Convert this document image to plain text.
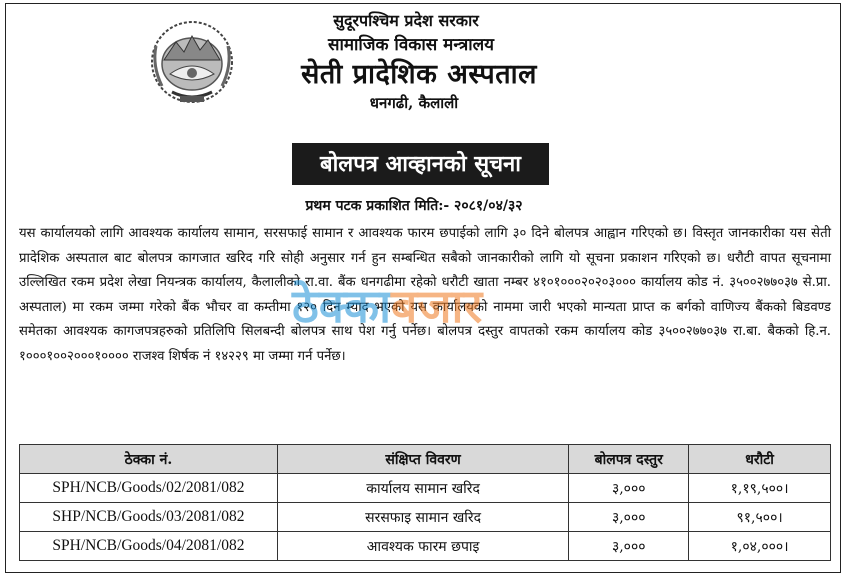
सुदूरपश्चिम प्रदेश सरकार
सामाजिक विकास मन्त्रालय
सेती प्रादेशिक अस्पताल
धनगढी, कैलाली
बोलपत्र आव्हानको सूचना
प्रथम पटक प्रकाशित मिति:- २०८१/०४/३२
यस कार्यालयको लागि आवश्यक कार्यालय सामान, सरसफाई सामान र आवश्यक फारम छपाईको लागि ३० दिने बोलपत्र आह्वान गरिएको छ। विस्तृत जानकारीका यस सेती प्रादेशिक अस्पताल बाट बोलपत्र कागजात खरिद गरि सोही अनुसार गर्न हुन सम्बन्धित सबैको जानकारीको लागि यो सूचना प्रकाशन गरिएको छ। धरौटी वापत सूचनामा उल्लिखित रकम प्रदेश लेखा नियन्त्रक कार्यालय, कैलालीको रा.वा. बैंक धनगढीमा रहेको धरौटी खाता नम्बर ४१०१०००२०२०३००० कार्यालय कोड नं. ३५००२७७०३७ से.प्रा. अस्पताल) मा रकम जम्मा गरेको बैंक भौचर वा कम्तीमा १२० दिन म्याद भएको यस कार्यालयको नाममा जारी भएको मान्यता प्राप्त क बर्गको वाणिज्य बैंकको बिडवण्ड समेतका आवश्यक कागजपत्रहरुको प्रतिलिपि सिलबन्दी बोलपत्र साथ पेश गर्नु पर्नेछ। बोलपत्र दस्तुर वापतको रकम कार्यालय कोड ३५००२७७०३७ रा.बा. बैकको हि.न. १०००१००२०००१०००० राजश्व शिर्षक नं १४२२९ मा जम्मा गर्न पर्नेछ।
ठेक्काबजार
ठेक्का नं.	संक्षिप्त विवरण	बोलपत्र दस्तुर	धरौटी
SPH/NCB/Goods/02/2081/082	कार्यालय सामान खरिद	३,०००	१,१९,५००।
SHP/NCB/Goods/03/2081/082	सरसफाइ सामान खरिद	३,०००	९१,५००।
SPH/NCB/Goods/04/2081/082	आवश्यक फारम छपाइ	३,०००	१,०४,०००।
